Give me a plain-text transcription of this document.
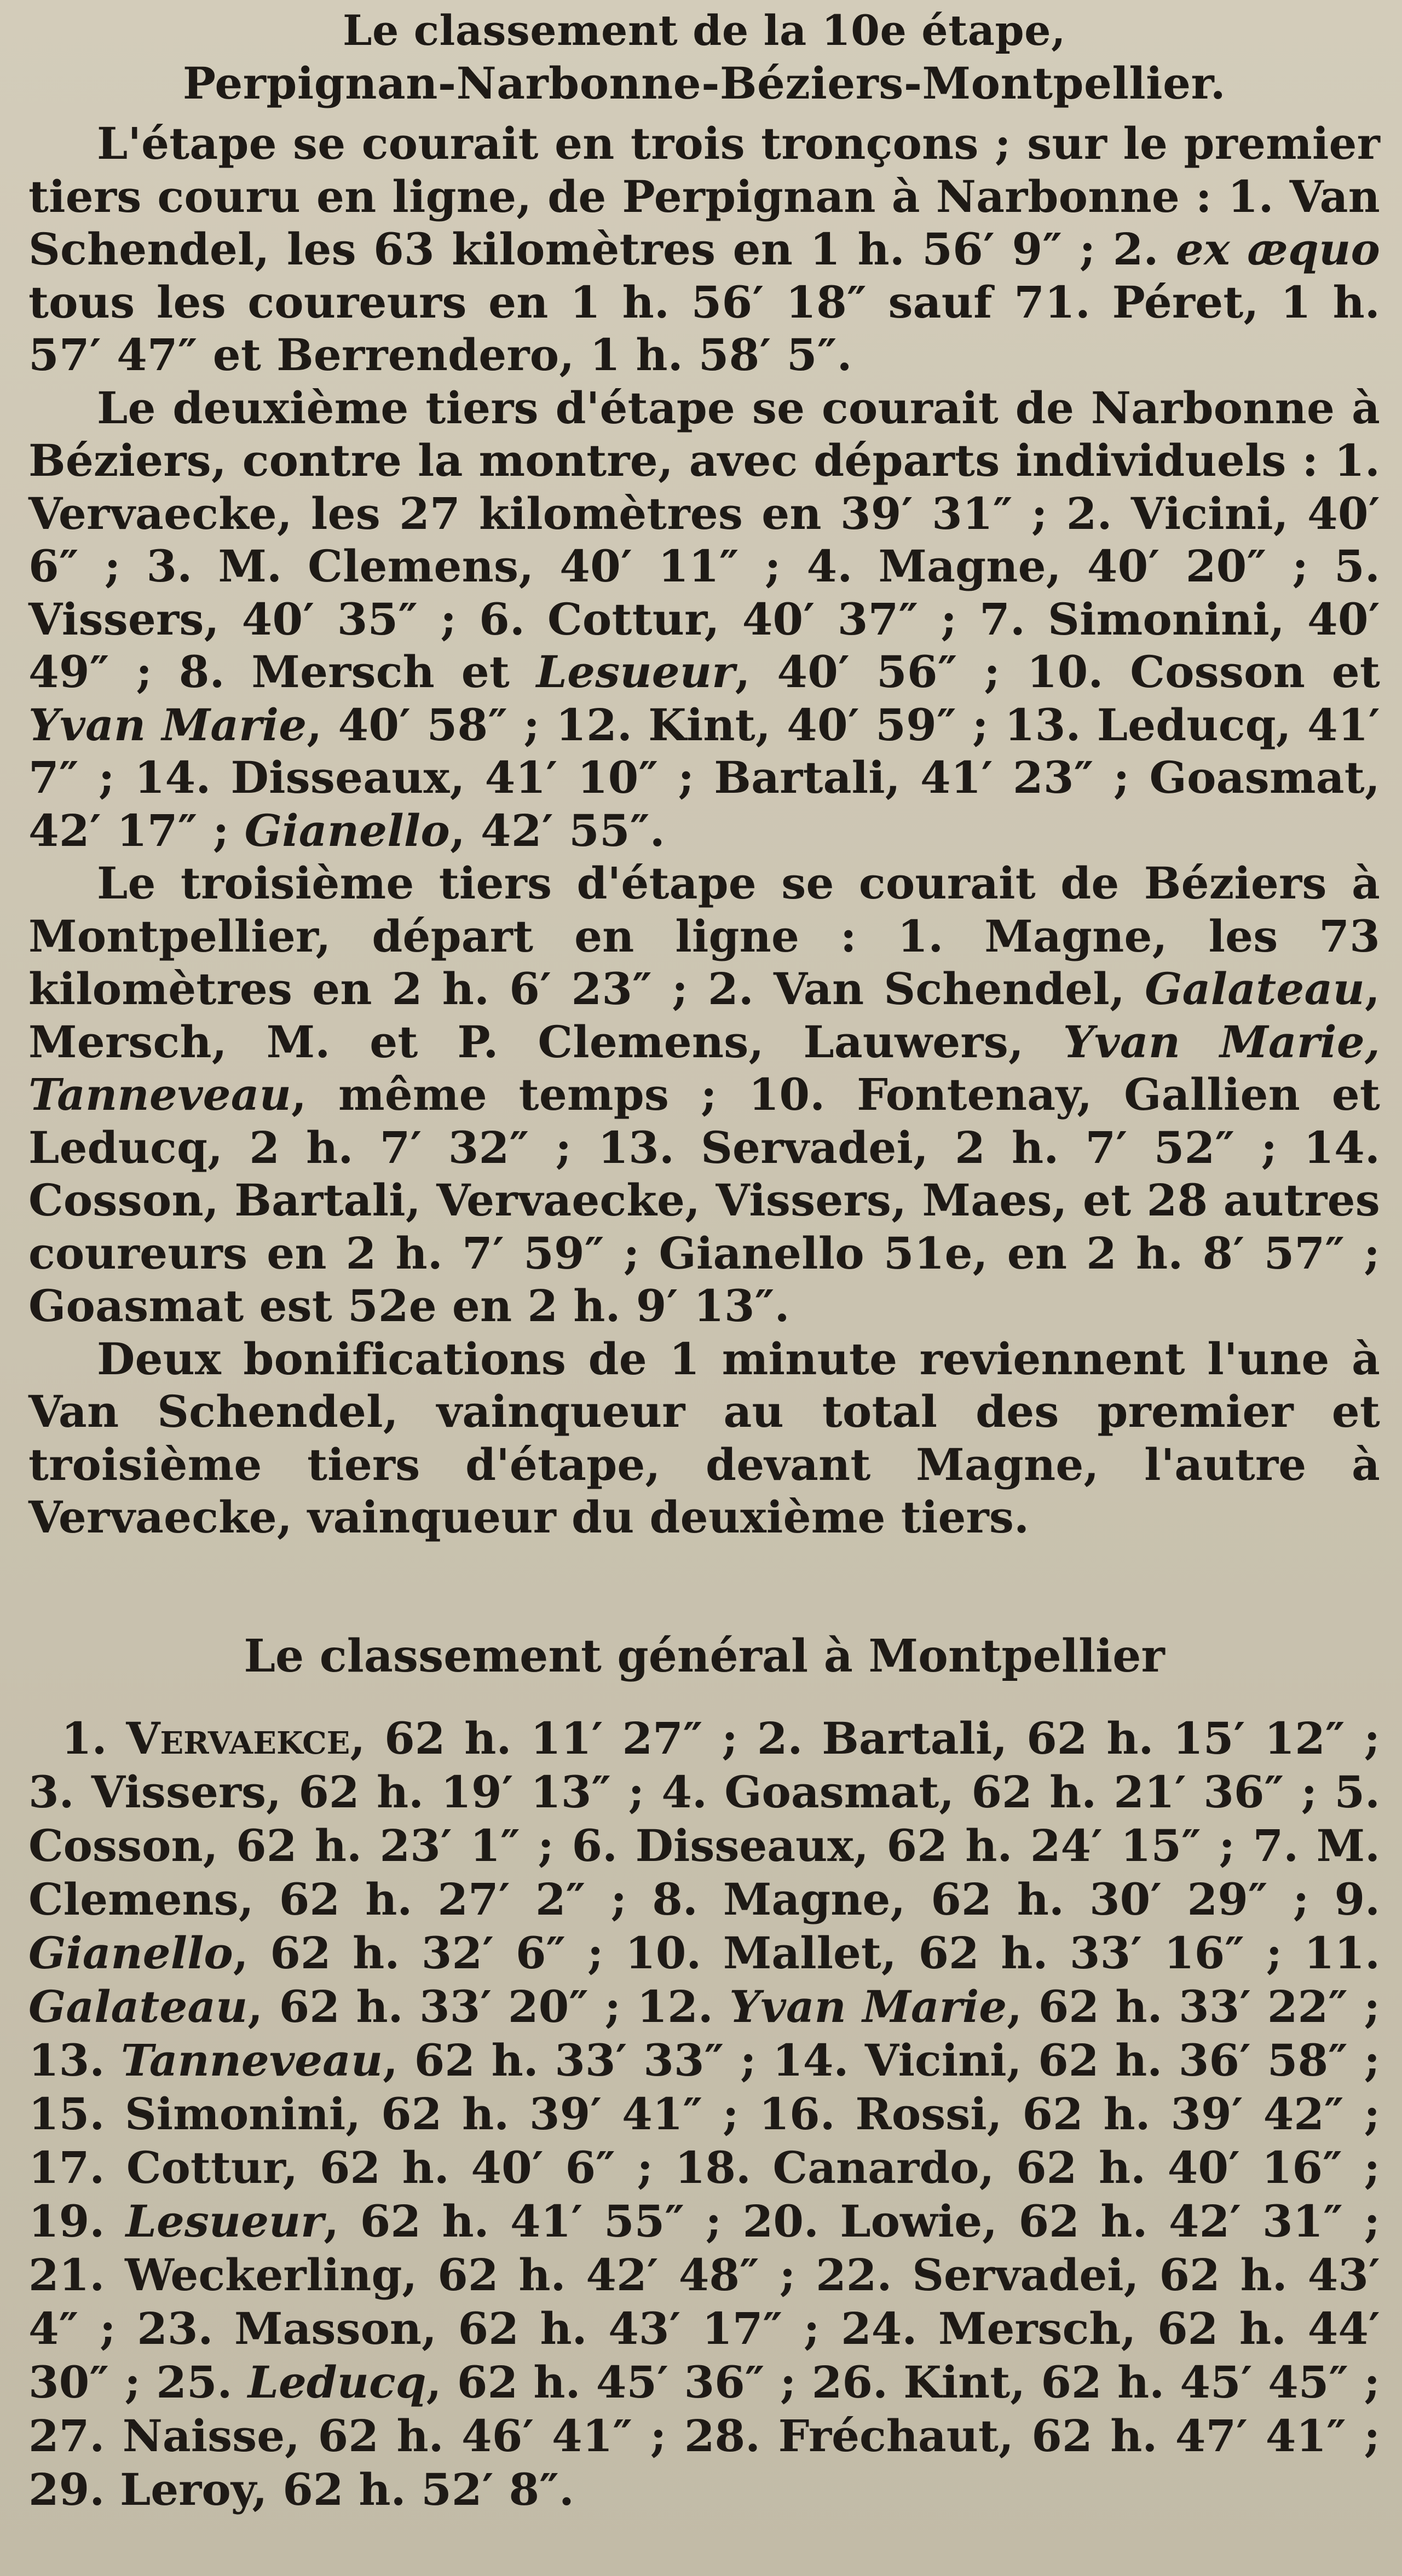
Le classement de la 10e étape,
Perpignan-Narbonne-Béziers-Montpellier.

L'étape se courait en trois tronçons ; sur le premier tiers couru en ligne, de Perpignan à Narbonne : 1. Van Schendel, les 63 kilomètres en 1 h. 56′ 9″ ; 2. ex æquo tous les coureurs en 1 h. 56′ 18″ sauf 71. Péret, 1 h. 57′ 47″ et Berrendero, 1 h. 58′ 5″.

Le deuxième tiers d'étape se courait de Narbonne à Béziers, contre la montre, avec départs individuels : 1. Vervaecke, les 27 kilomètres en 39′ 31″ ; 2. Vicini, 40′ 6″ ; 3. M. Clemens, 40′ 11″ ; 4. Magne, 40′ 20″ ; 5. Vissers, 40′ 35″ ; 6. Cottur, 40′ 37″ ; 7. Simonini, 40′ 49″ ; 8. Mersch et Lesueur, 40′ 56″ ; 10. Cosson et Yvan Marie, 40′ 58″ ; 12. Kint, 40′ 59″ ; 13. Leducq, 41′ 7″ ; 14. Disseaux, 41′ 10″ ; Bartali, 41′ 23″ ; Goasmat, 42′ 17″ ; Gianello, 42′ 55″.

Le troisième tiers d'étape se courait de Béziers à Montpellier, départ en ligne : 1. Magne, les 73 kilomètres en 2 h. 6′ 23″ ; 2. Van Schendel, Galateau, Mersch, M. et P. Clemens, Lauwers, Yvan Marie, Tanneveau, même temps ; 10. Fontenay, Gallien et Leducq, 2 h. 7′ 32″ ; 13. Servadei, 2 h. 7′ 52″ ; 14. Cosson, Bartali, Vervaecke, Vissers, Maes, et 28 autres coureurs en 2 h. 7′ 59″ ; Gianello 51e, en 2 h. 8′ 57″ ; Goasmat est 52e en 2 h. 9′ 13″.

Deux bonifications de 1 minute reviennent l'une à Van Schendel, vainqueur au total des premier et troisième tiers d'étape, devant Magne, l'autre à Vervaecke, vainqueur du deuxième tiers.

Le classement général à Montpellier

1. Vervaekce, 62 h. 11′ 27″ ; 2. Bartali, 62 h. 15′ 12″ ; 3. Vissers, 62 h. 19′ 13″ ; 4. Goasmat, 62 h. 21′ 36″ ; 5. Cosson, 62 h. 23′ 1″ ; 6. Disseaux, 62 h. 24′ 15″ ; 7. M. Clemens, 62 h. 27′ 2″ ; 8. Magne, 62 h. 30′ 29″ ; 9. Gianello, 62 h. 32′ 6″ ; 10. Mallet, 62 h. 33′ 16″ ; 11. Galateau, 62 h. 33′ 20″ ; 12. Yvan Marie, 62 h. 33′ 22″ ; 13. Tanneveau, 62 h. 33′ 33″ ; 14. Vicini, 62 h. 36′ 58″ ; 15. Simonini, 62 h. 39′ 41″ ; 16. Rossi, 62 h. 39′ 42″ ; 17. Cottur, 62 h. 40′ 6″ ; 18. Canardo, 62 h. 40′ 16″ ; 19. Lesueur, 62 h. 41′ 55″ ; 20. Lowie, 62 h. 42′ 31″ ; 21. Weckerling, 62 h. 42′ 48″ ; 22. Servadei, 62 h. 43′ 4″ ; 23. Masson, 62 h. 43′ 17″ ; 24. Mersch, 62 h. 44′ 30″ ; 25. Leducq, 62 h. 45′ 36″ ; 26. Kint, 62 h. 45′ 45″ ; 27. Naisse, 62 h. 46′ 41″ ; 28. Fréchaut, 62 h. 47′ 41″ ; 29. Leroy, 62 h. 52′ 8″.
